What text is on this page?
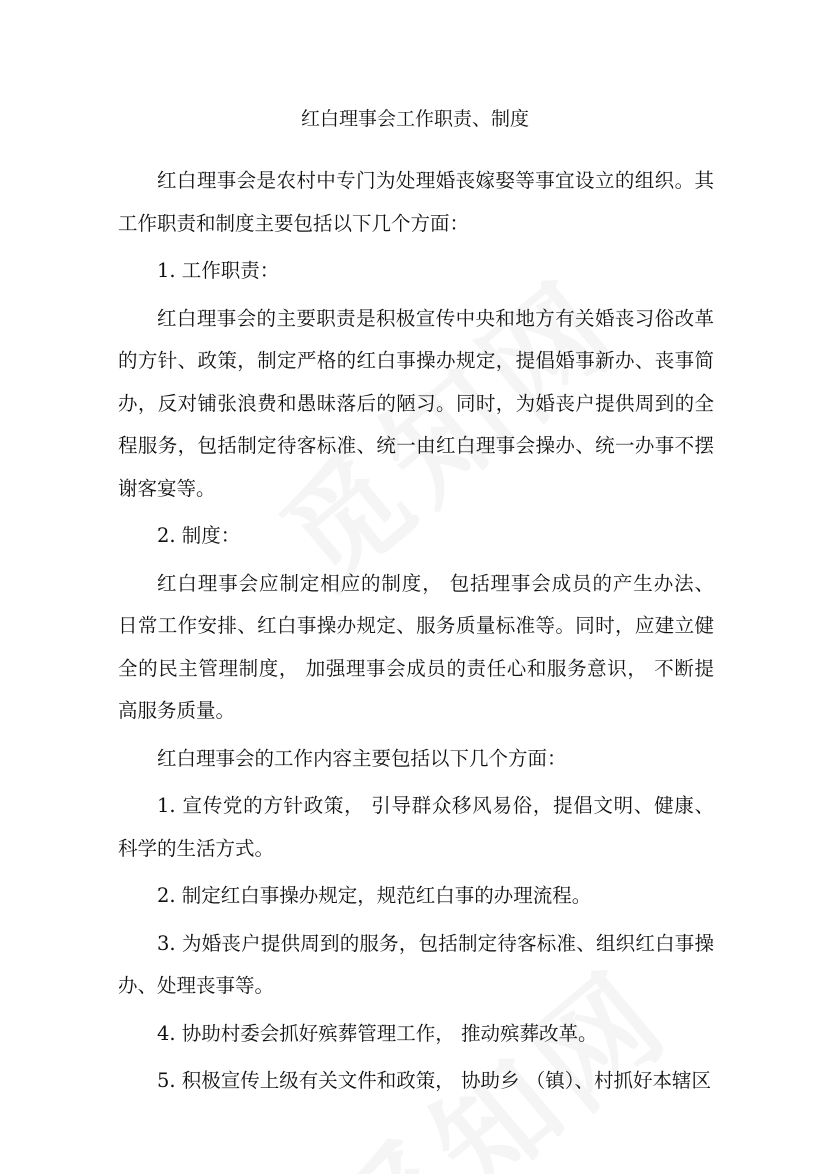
红白理事会工作职责、制度

红白理事会是农村中专门为处理婚丧嫁娶等事宜设立的组织。其工作职责和制度主要包括以下几个方面：

1. 工作职责：

红白理事会的主要职责是积极宣传中央和地方有关婚丧习俗改革的方针、政策，制定严格的红白事操办规定，提倡婚事新办、丧事简办，反对铺张浪费和愚昧落后的陋习。同时，为婚丧户提供周到的全程服务，包括制定待客标准、统一由红白理事会操办、统一办事不摆谢客宴等。

2. 制度：

红白理事会应制定相应的制度， 包括理事会成员的产生办法、 日常工作安排、红白事操办规定、服务质量标准等。同时，应建立健全的民主管理制度， 加强理事会成员的责任心和服务意识， 不断提高服务质量。

红白理事会的工作内容主要包括以下几个方面：

1. 宣传党的方针政策， 引导群众移风易俗，提倡文明、健康、科学的生活方式。

2. 制定红白事操办规定，规范红白事的办理流程。

3. 为婚丧户提供周到的服务，包括制定待客标准、组织红白事操办、处理丧事等。

4. 协助村委会抓好殡葬管理工作， 推动殡葬改革。

5. 积极宣传上级有关文件和政策， 协助乡 （镇）、村抓好本辖区
